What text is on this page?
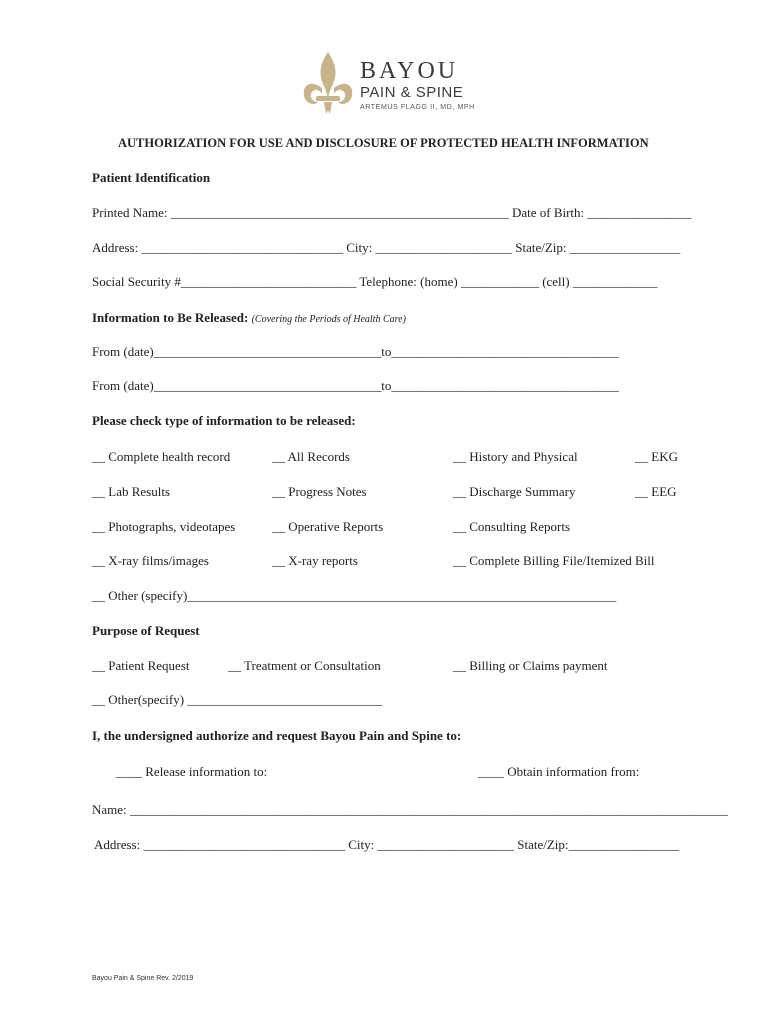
BAYOU
PAIN & SPINE
ARTEMUS FLAGG II, MD, MPH
AUTHORIZATION FOR USE AND DISCLOSURE OF PROTECTED HEALTH INFORMATION
Patient Identification
Printed Name: ____________________________________________________ Date of Birth: ________________
Address: _______________________________ City: _____________________ State/Zip: _________________
Social Security #___________________________ Telephone: (home) ____________ (cell) _____________
Information to Be Released: (Covering the Periods of Health Care)
From (date)___________________________________to___________________________________
From (date)___________________________________to___________________________________
Please check type of information to be released:
__ Complete health record	__ All Records	__ History and Physical	__ EKG
__ Lab Results	__ Progress Notes	__ Discharge Summary	__ EEG
__ Photographs, videotapes	__ Operative Reports	__ Consulting Reports
__ X-ray films/images	__ X-ray reports	__ Complete Billing File/Itemized Bill
__ Other (specify)__________________________________________________________________
Purpose of Request
__ Patient Request	__ Treatment or Consultation	__ Billing or Claims payment
__ Other(specify) ______________________________
I, the undersigned authorize and request Bayou Pain and Spine to:
____ Release information to:	____ Obtain information from:
Name: ____________________________________________________________________________________________
Address: _______________________________ City: _____________________ State/Zip:_________________
Bayou Pain & Spine Rev. 2/2019
